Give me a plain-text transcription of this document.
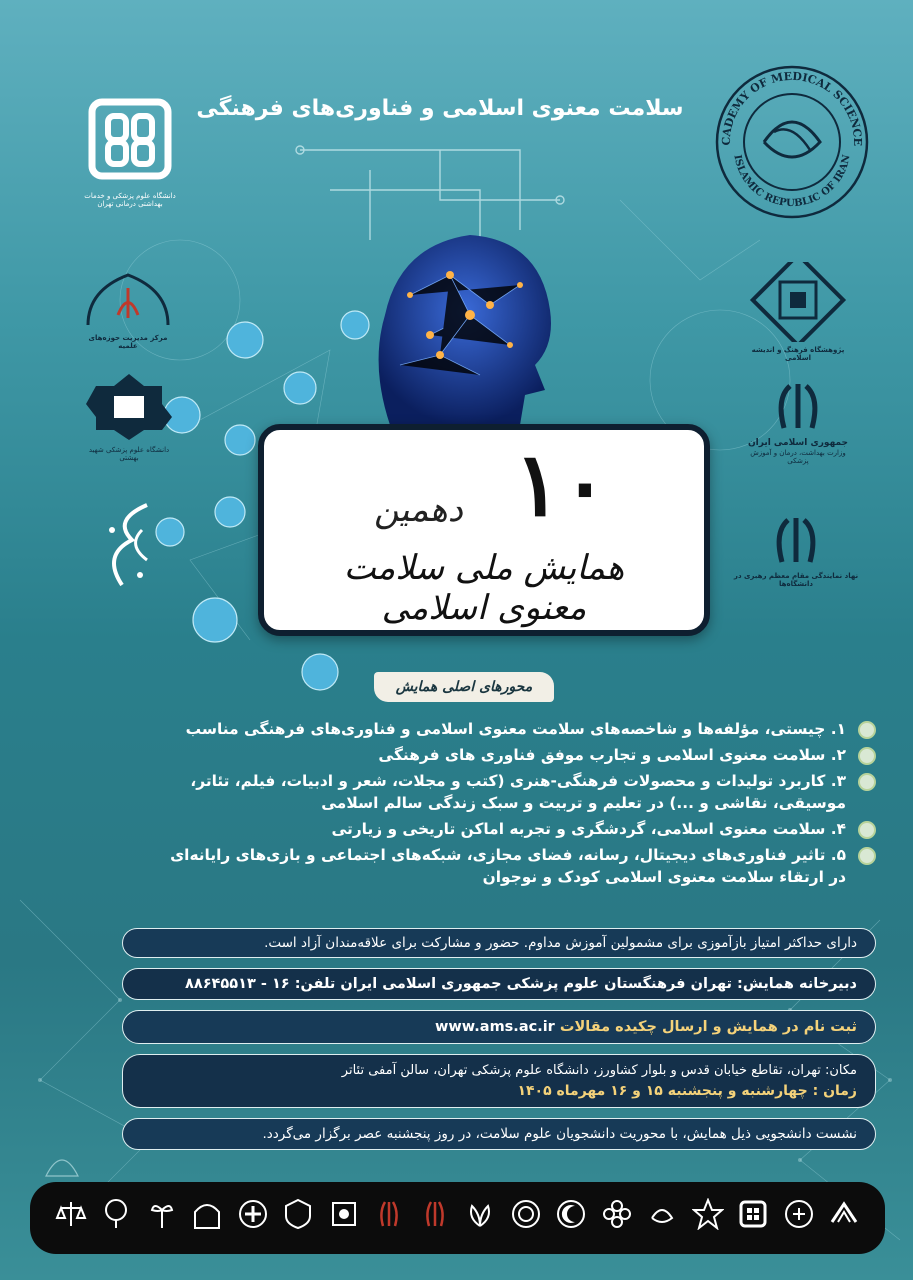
سلامت معنوی اسلامی و فناوری‌های فرهنگی
دانشگاه علوم پزشکی و خدمات بهداشتی درمانی تهران
CADEMY OF MEDICAL SCIENCE
ISLAMIC REPUBLIC OF IRAN
مرکز مدیریت حوزه‌های علمیه
دانشگاه علوم پزشکی شهید بهشتی
پژوهشگاه فرهنگ و اندیشه اسلامی
جمهوری اسلامی ایران
وزارت بهداشت، درمان و آموزش پزشکی
نهاد نمایندگی مقام معظم رهبری در دانشگاه‌ها
۱۰
دهمین
همایش ملی سلامت معنوی اسلامی
محورهای اصلی همایش
۱. چیستی، مؤلفه‌ها و شاخصه‌های سلامت معنوی اسلامی و فناوری‌های فرهنگی مناسب
۲. سلامت معنوی اسلامی و تجارب موفق فناوری های فرهنگی
۳. کاربرد تولیدات و محصولات فرهنگی-هنری (کتب و مجلات، شعر و ادبیات، فیلم، تئاتر، موسیقی، نقاشی و ...) در تعلیم و تربیت و سبک زندگی سالم اسلامی
۴. سلامت معنوی اسلامی، گردشگری و تجربه اماکن تاریخی و زیارتی
۵. تاثیر فناوری‌های دیجیتال، رسانه، فضای مجازی، شبکه‌های اجتماعی و بازی‌های رایانه‌ای در ارتقاء سلامت معنوی اسلامی کودک و نوجوان
دارای حداکثر امتیاز بازآموزی برای مشمولین آموزش مداوم. حضور و مشارکت برای علاقه‌مندان آزاد است.
دبیرخانه همایش: تهران فرهنگستان علوم پزشکی جمهوری اسلامی ایران تلفن: ۱۶ - ۸۸۶۴۵۵۱۳
ثبت نام در همایش و ارسال چکیده مقالات www.ams.ac.ir
مکان: تهران، تقاطع خیابان قدس و بلوار کشاورز، دانشگاه علوم پزشکی تهران، سالن آمفی تئاتر
زمان : چهارشنبه و پنجشنبه ۱۵ و ۱۶ مهرماه ۱۴۰۵
نشست دانشجویی ذیل همایش، با محوریت دانشجویان علوم سلامت، در روز پنجشنبه عصر برگزار می‌گردد.
